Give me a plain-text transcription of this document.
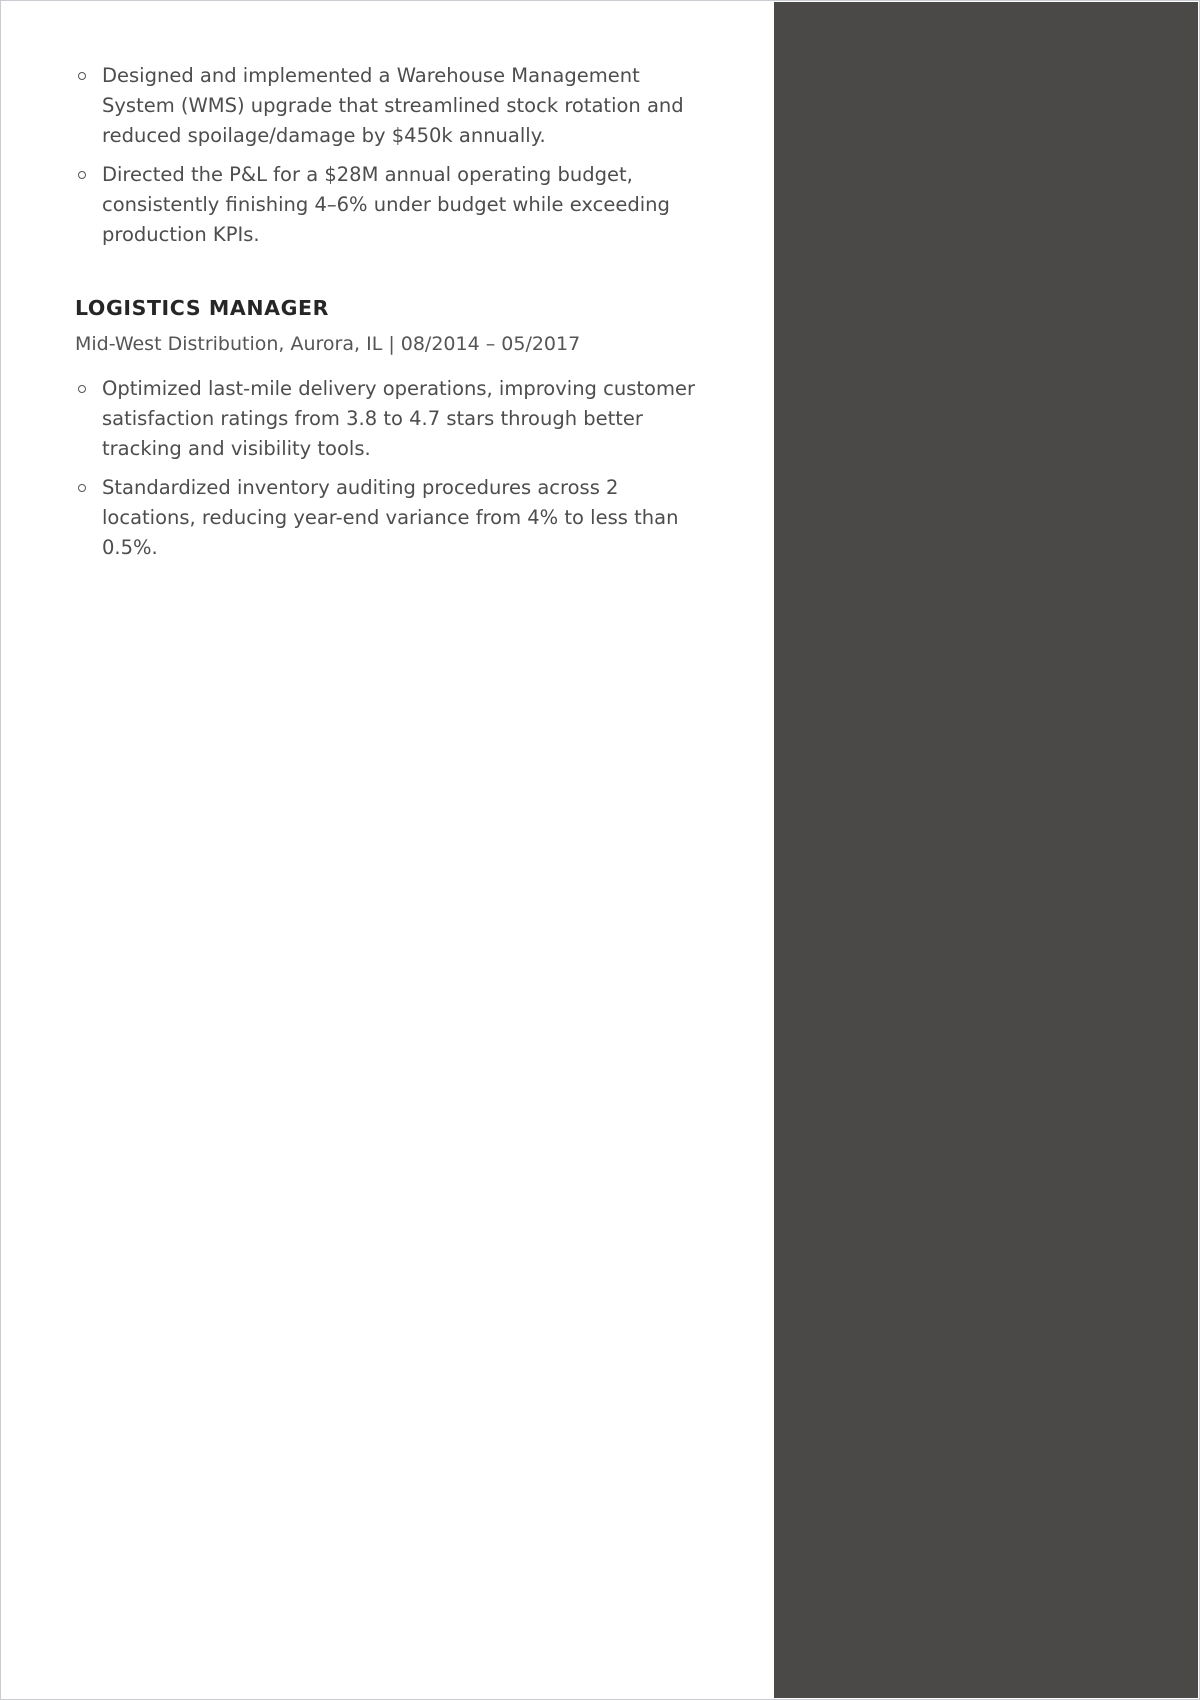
Designed and implemented a Warehouse Management System (WMS) upgrade that streamlined stock rotation and reduced spoilage/damage by $450k annually.
Directed the P&L for a $28M annual operating budget, consistently finishing 4–6% under budget while exceeding production KPIs.
LOGISTICS MANAGER
Mid-West Distribution, Aurora, IL | 08/2014 – 05/2017
Optimized last-mile delivery operations, improving customer satisfaction ratings from 3.8 to 4.7 stars through better tracking and visibility tools.
Standardized inventory auditing procedures across 2 locations, reducing year-end variance from 4% to less than 0.5%.
